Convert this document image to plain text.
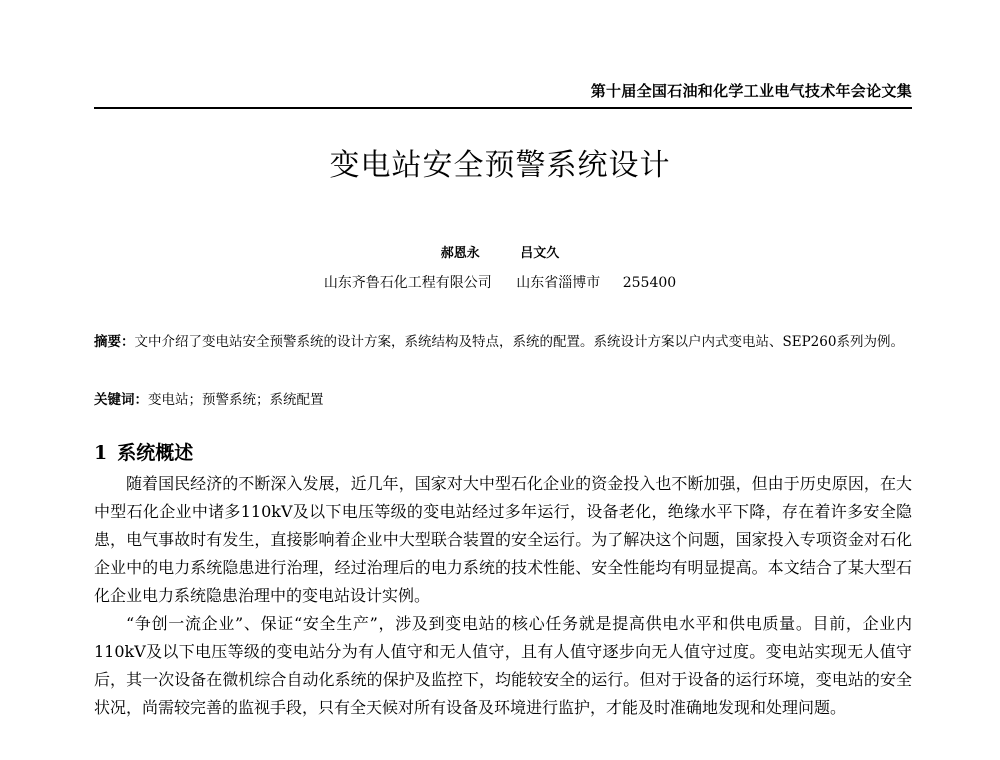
第十届全国石油和化学工业电气技术年会论文集
变电站安全预警系统设计
郝恩永	吕文久
山东齐鲁石化工程有限公司 山东省淄博市 255400
摘要：文中介绍了变电站安全预警系统的设计方案，系统结构及特点，系统的配置。系统设计方案以户内式变电站、SEP260系列为例。
关键词：变电站；预警系统；系统配置
1 系统概述

随着国民经济的不断深入发展，近几年，国家对大中型石化企业的资金投入也不断加强，但由于历史原因，在大中型石化企业中诸多110kV及以下电压等级的变电站经过多年运行，设备老化，绝缘水平下降，存在着许多安全隐患，电气事故时有发生，直接影响着企业中大型联合装置的安全运行。为了解决这个问题，国家投入专项资金对石化企业中的电力系统隐患进行治理，经过治理后的电力系统的技术性能、安全性能均有明显提高。本文结合了某大型石化企业电力系统隐患治理中的变电站设计实例。

“争创一流企业”、保证“安全生产”，涉及到变电站的核心任务就是提高供电水平和供电质量。目前，企业内110kV及以下电压等级的变电站分为有人值守和无人值守，且有人值守逐步向无人值守过度。变电站实现无人值守后，其一次设备在微机综合自动化系统的保护及监控下，均能较安全的运行。但对于设备的运行环境，变电站的安全状况，尚需较完善的监视手段，只有全天候对所有设备及环境进行监护，才能及时准确地发现和处理问题。
